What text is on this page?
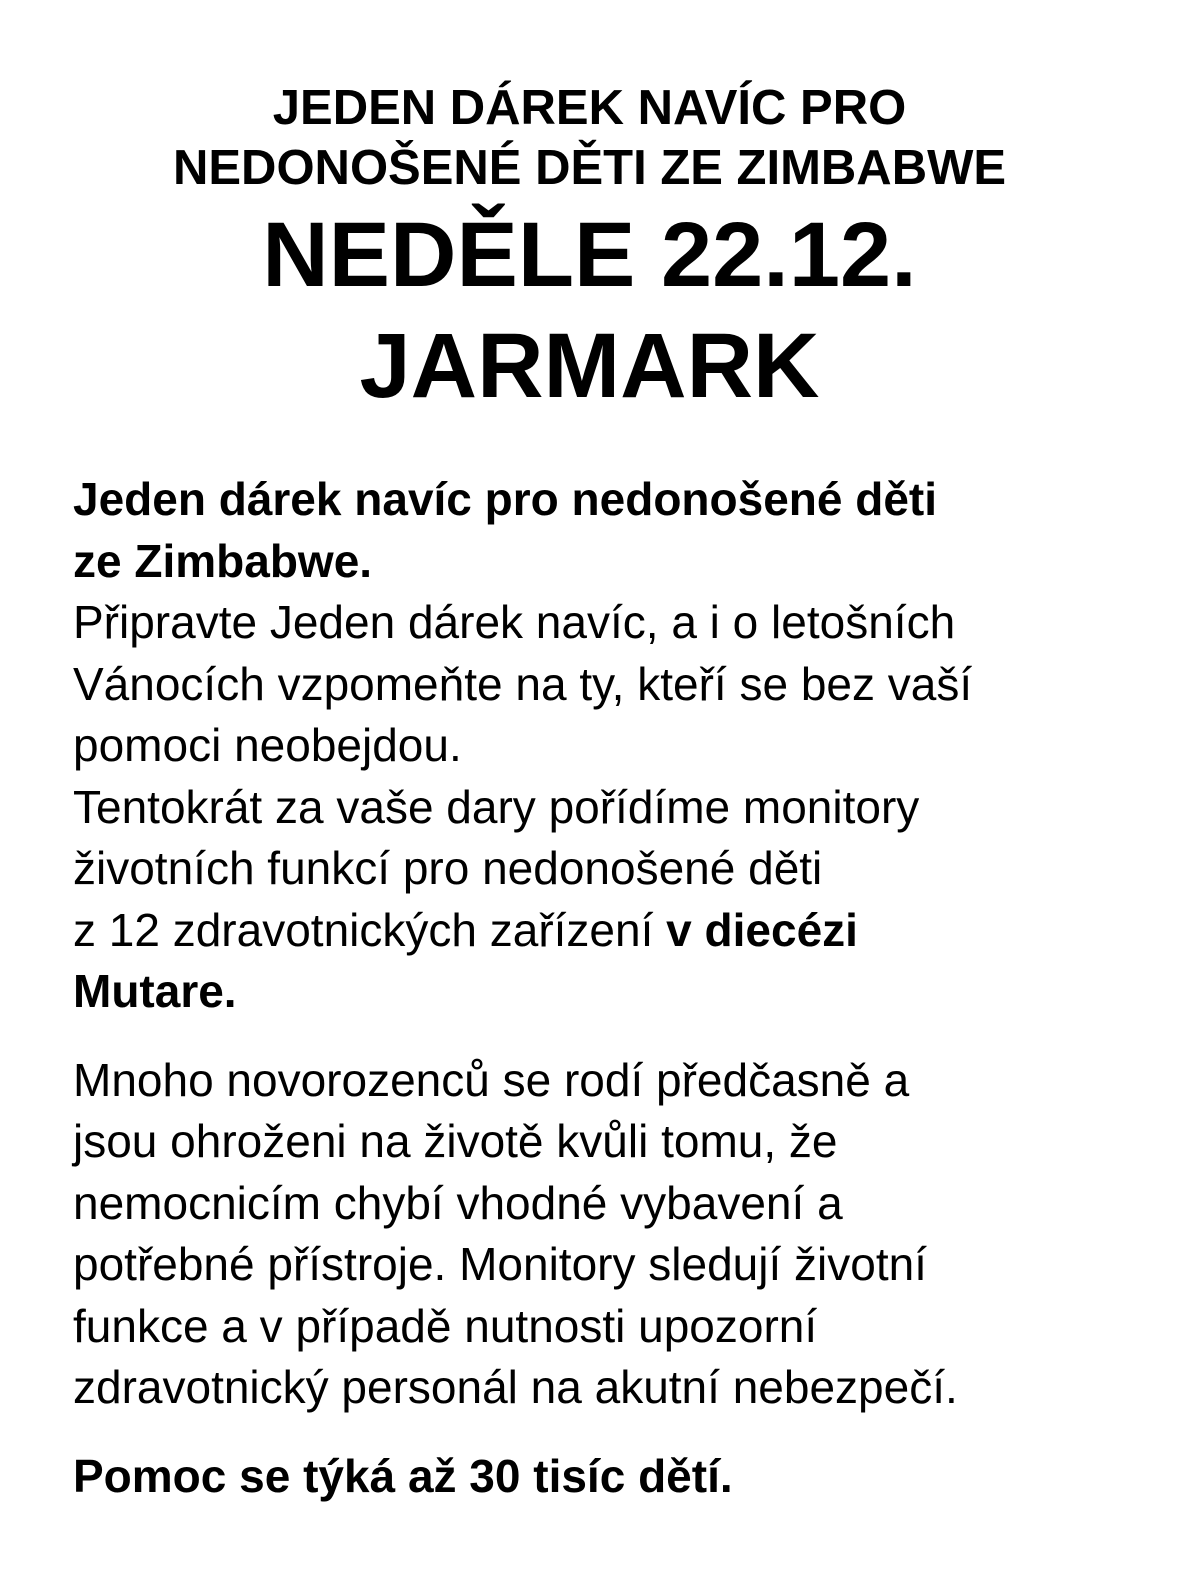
JEDEN DÁREK NAVÍC PRO
NEDONOŠENÉ DĚTI ZE ZIMBABWE
NEDĚLE 22.12.
JARMARK
Jeden dárek navíc pro nedonošené děti
ze Zimbabwe.
Připravte Jeden dárek navíc, a i o letošních
Vánocích vzpomeňte na ty, kteří se bez vaší
pomoci neobejdou.
Tentokrát za vaše dary pořídíme monitory
životních funkcí pro nedonošené děti
z 12 zdravotnických zařízení v diecézi
Mutare.
Mnoho novorozenců se rodí předčasně a
jsou ohroženi na životě kvůli tomu, že
nemocnicím chybí vhodné vybavení a
potřebné přístroje. Monitory sledují životní
funkce a v případě nutnosti upozorní
zdravotnický personál na akutní nebezpečí.
Pomoc se týká až 30 tisíc dětí.
